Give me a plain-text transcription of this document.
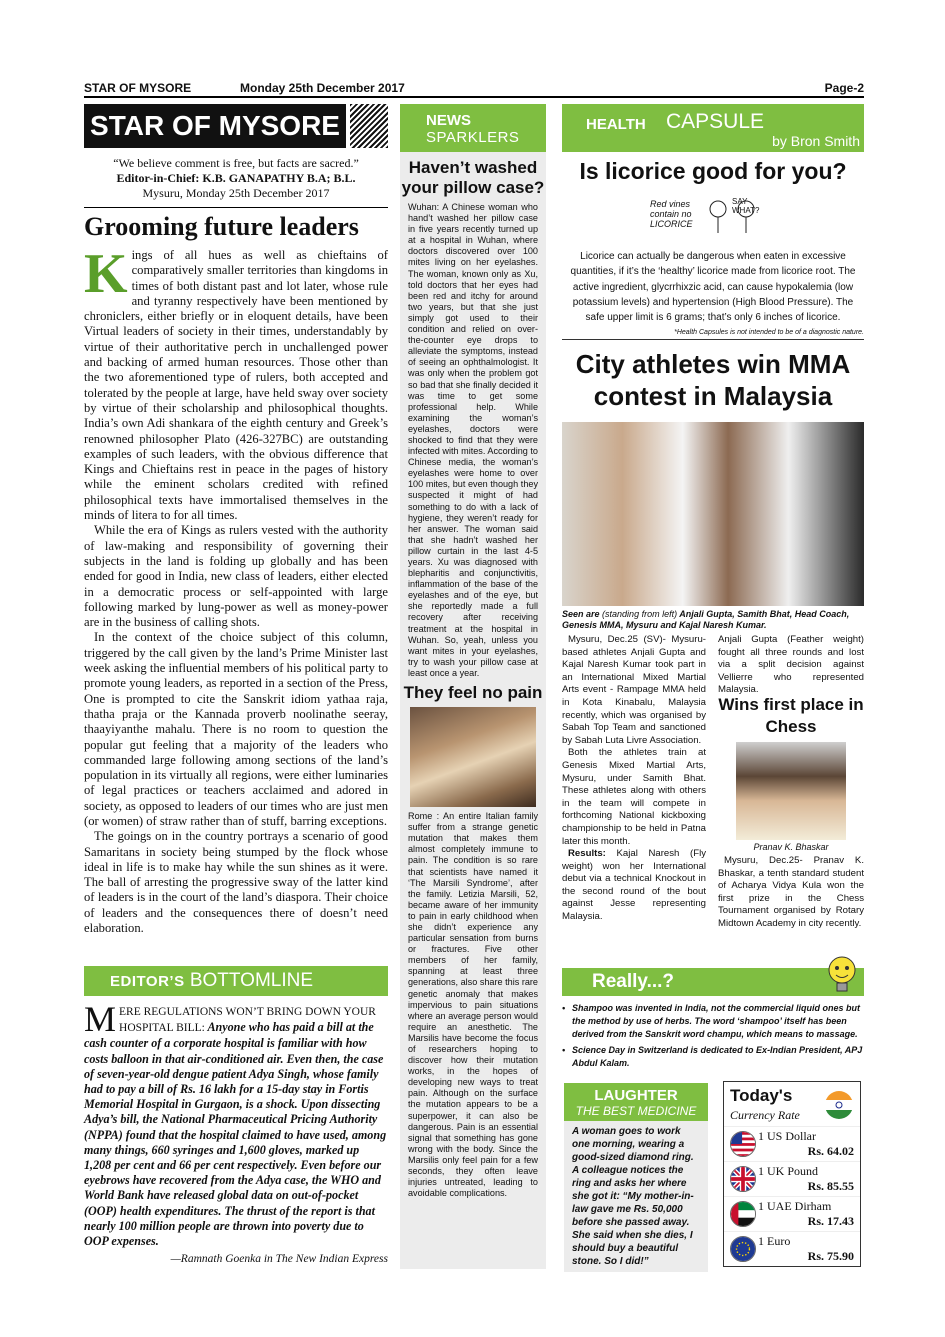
STAR OF MYSORE	Monday 25th December 2017	Page-2
STAR OF MYSORE
“We believe comment is free, but facts are sacred.”
Editor-in-Chief: K.B. GANAPATHY B.A; B.L.
Mysuru, Monday 25th December 2017
Grooming future leaders

Kings of all hues as well as chieftains of comparatively smaller territories than kingdoms in times of both distant past and lot later, whose rule and tyranny respectively have been mentioned by chroniclers, either briefly or in eloquent details, have been Virtual leaders of society in their times, understandably by virtue of their authoritative perch in unchallenged power and backing of armed human resources. Those other than the two aforementioned type of rulers, both accepted and tolerated by the people at large, have held sway over society by virtue of their scholarship and philosophical thoughts. India’s own Adi shankara of the eighth century and Greek’s renowned philosopher Plato (426-327BC) are outstanding examples of such leaders, with the obvious difference that Kings and Chieftains rest in peace in the pages of history while the eminent scholars credited with refined philosophical texts have immortalised themselves in the minds of litera to for all times.

While the era of Kings as rulers vested with the authority of law-making and responsibility of governing their subjects in the land is folding up globally and has been ended for good in India, new class of leaders, either elected in a democratic process or self-appointed with large following marked by lung-power as well as money-power are in the business of calling shots.

In the context of the choice subject of this column, triggered by the call given by the land’s Prime Minister last week asking the influential members of his political party to promote young leaders, as reported in a section of the Press, One is prompted to cite the Sanskrit idiom yathaa raja, thatha praja or the Kannada proverb noolinathe seeray, thaayiyanthe mahalu. There is no room to question the popular gut feeling that a majority of the leaders who commanded large following among sections of the land’s population in its virtually all regions, were either luminaries of legal practices or teachers acclaimed and adored in society, as opposed to leaders of our times who are just men (or women) of straw rather than of stuff, barring exceptions.

The goings on in the country portrays a scenario of good Samaritans in society being stumped by the flock whose ideal in life is to make hay while the sun shines as it were. The ball of arresting the progressive sway of the latter kind of leaders is in the court of the land’s diaspora. Their choice of leaders and the consequences there of doesn’t need elaboration.

EDITOR’S BOTTOMLINE
M ERE REGULATIONS WON’T BRING DOWN YOUR HOSPITAL BILL: Anyone who has paid a bill at the cash counter of a corporate hospital is familiar with how costs balloon in that air-conditioned air. Even then, the case of seven-year-old dengue patient Adya Singh, whose family had to pay a bill of Rs. 16 lakh for a 15-day stay in Fortis Memorial Hospital in Gurgaon, is a shock. Upon dissecting Adya’s bill, the National Pharmaceutical Pricing Authority (NPPA) found that the hospital claimed to have used, among many things, 660 syringes and 1,600 gloves, marked up 1,208 per cent and 66 per cent respectively. Even before our eyebrows have recovered from the Adya case, the WHO and World Bank have released global data on out-of-pocket (OOP) health expenditures. The thrust of the report is that nearly 100 million people are thrown into poverty due to OOP expenses.
—Ramnath Goenka in The New Indian Express
NEWS
SPARKLERS
Haven’t washed your pillow case?
Wuhan: A Chinese woman who hand’t washed her pillow case in five years recently turned up at a hospital in Wuhan, where doctors discovered over 100 mites living on her eyelashes. The woman, known only as Xu, told doctors that her eyes had been red and itchy for around two years, but that she just simply got used to their condition and relied on over-the-counter eye drops to alleviate the symptoms, instead of seeing an ophthalmologist. It was only when the problem got so bad that she finally decided it was time to get some professional help. While examining the woman’s eyelashes, doctors were shocked to find that they were infected with mites. According to Chinese media, the woman’s eyelashes were home to over 100 mites, but even though they suspected it might of had something to do with a lack of hygiene, they weren’t ready for her answer. The woman said that she hadn’t washed her pillow curtain in the last 4-5 years. Xu was diagnosed with blepharitis and conjunctivitis, inflammation of the base of the eyelashes and of the eye, but she reportedly made a full recovery after receiving treatment at the hospital in Wuhan. So, yeah, unless you want mites in your eyelashes, try to wash your pillow case at least once a year.
They feel no pain
Rome : An entire Italian family suffer from a strange genetic mutation that makes them almost completely immune to pain. The condition is so rare that scientists have named it ‘The Marsili Syndrome’, after the family. Letizia Marsili, 52, became aware of her immunity to pain in early childhood when she didn’t experience any particular sensation from burns or fractures. Five other members of her family, spanning at least three generations, also share this rare genetic anomaly that makes impervious to pain situations where an average person would require an anesthetic. The Marsilis have become the focus of researchers hoping to discover how their mutation works, in the hopes of developing new ways to treat pain. Although on the surface the mutation appears to be a superpower, it can also be dangerous. Pain is an essential signal that something has gone wrong with the body. Since the Marsilis only feel pain for a few seconds, they often leave injuries untreated, leading to avoidable complications.
HEALTH CAPSULE
by Bron Smith
Is licorice good for you?
Red vines contain no LICORICE
SAY WHAT?
Licorice can actually be dangerous when eaten in excessive quantities, if it’s the ‘healthy’ licorice made from licorice root. The active ingredient, glycrrhixzic acid, can cause hypokalemia (low potassium levels) and hypertension (High Blood Pressure). The safe upper limit is 6 grams; that’s only 6 inches of licorice.
*Health Capsules is not intended to be of a diagnostic nature.
City athletes win MMA contest in Malaysia
Seen are (standing from left) Anjali Gupta, Samith Bhat, Head Coach, Genesis MMA, Mysuru and Kajal Naresh Kumar.

Mysuru, Dec.25 (SV)- Mysuru-based athletes Anjali Gupta and Kajal Naresh Kumar took part in an International Mixed Martial Arts event - Rampage MMA held in Kota Kinabalu, Malaysia recently, which was organised by Sabah Top Team and sanctioned by Sabah Luta Livre Association.

Both the athletes train at Genesis Mixed Martial Arts, Mysuru, under Samith Bhat. These athletes along with others in the team will compete in forthcoming National kickboxing championship to be held in Patna later this month.

Results: Kajal Naresh (Fly weight) won her International debut via a technical Knockout in the second round of the bout against Jesse representing Malaysia.

Anjali Gupta (Feather weight) fought all three rounds and lost via a split decision against Vellierre who represented Malaysia.

Wins first place in Chess
Pranav K. Bhaskar
Mysuru, Dec.25- Pranav K. Bhaskar, a tenth standard student of Acharya Vidya Kula won the first prize in the Chess Tournament organised by Rotary Midtown Academy in city recently.
Really...?
• Shampoo was invented in India, not the commercial liquid ones but the method by use of herbs. The word ‘shampoo’ itself has been derived from the Sanskrit word champu, which means to massage.
• Science Day in Switzerland is dedicated to Ex-Indian President, APJ Abdul Kalam.
LAUGHTER
THE BEST MEDICINE
A woman goes to work one morning, wearing a good-sized diamond ring. A colleague notices the ring and asks her where she got it: “My mother-in-law gave me Rs. 50,000 before she passed away. She said when she dies, I should buy a beautiful stone. So I did!”
Today's
Currency Rate
1 US Dollar
Rs. 64.02
1 UK Pound
Rs. 85.55
1 UAE Dirham
Rs. 17.43
1 Euro
Rs. 75.90
